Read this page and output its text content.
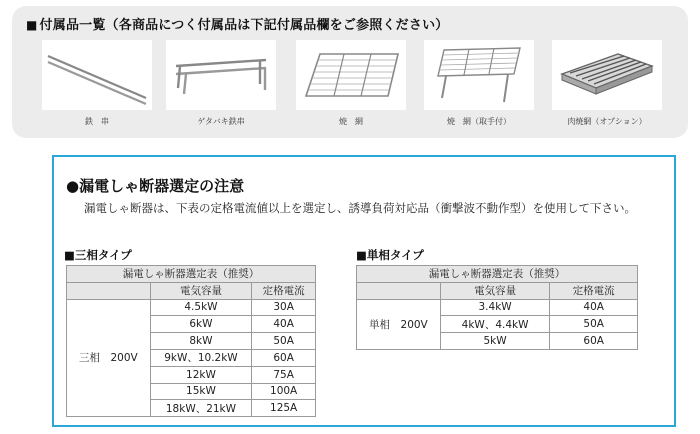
■ 付属品一覧（各商品につく付属品は下記付属品欄をご参照ください）
鉄　串	ゲタバキ鉄串	焼　網	焼　網（取手付）	肉焼網（オプション）
●漏電しゃ断器選定の注意
漏電しゃ断器は、下表の定格電流値以上を選定し、誘導負荷対応品（衝撃波不動作型）を使用して下さい。
■三相タイプ
漏電しゃ断器選定表（推奨）		
	電気容量	定格電流
三相　200V	4.5kW	30A
	6kW	40A
	8kW	50A
	9kW、10.2kW	60A
	12kW	75A
	15kW	100A
	18kW、21kW	125A
■単相タイプ
漏電しゃ断器選定表（推奨）		
	電気容量	定格電流
単相　200V	3.4kW	40A
	4kW、4.4kW	50A
	5kW	60A
